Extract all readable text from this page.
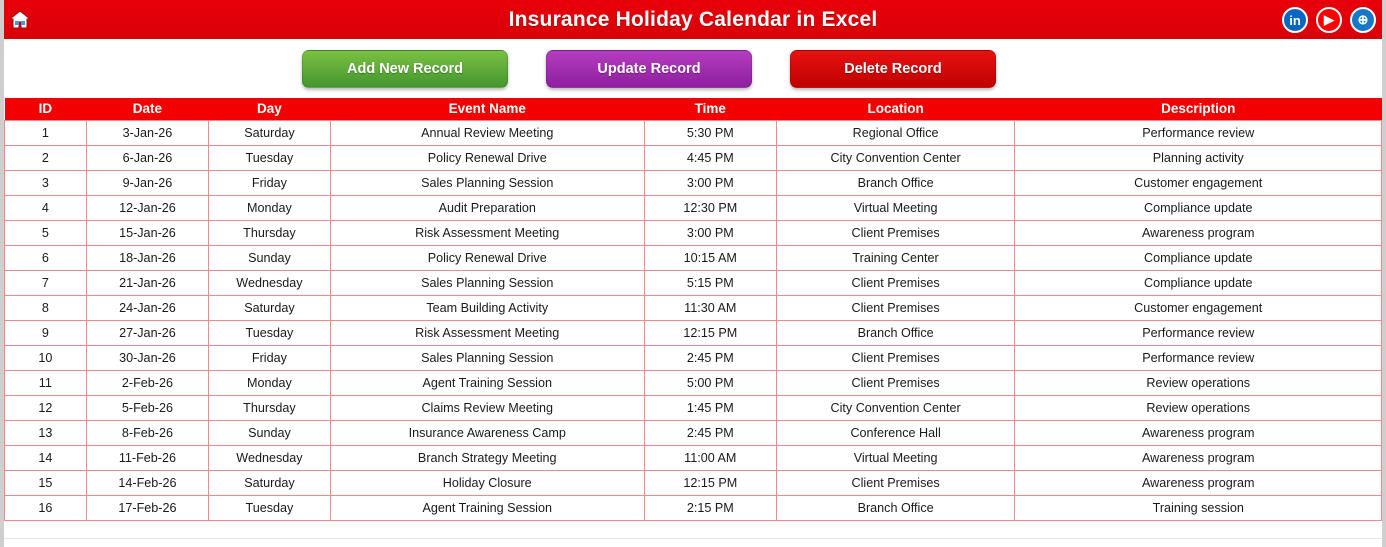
Insurance Holiday Calendar in Excel	in ▶ ⊕
Add New Record	Update Record	Delete Record
ID	Date	Day	Event Name	Time	Location	Description
1	3-Jan-26	Saturday	Annual Review Meeting	5:30 PM	Regional Office	Performance review
2	6-Jan-26	Tuesday	Policy Renewal Drive	4:45 PM	City Convention Center	Planning activity
3	9-Jan-26	Friday	Sales Planning Session	3:00 PM	Branch Office	Customer engagement
4	12-Jan-26	Monday	Audit Preparation	12:30 PM	Virtual Meeting	Compliance update
5	15-Jan-26	Thursday	Risk Assessment Meeting	3:00 PM	Client Premises	Awareness program
6	18-Jan-26	Sunday	Policy Renewal Drive	10:15 AM	Training Center	Compliance update
7	21-Jan-26	Wednesday	Sales Planning Session	5:15 PM	Client Premises	Compliance update
8	24-Jan-26	Saturday	Team Building Activity	11:30 AM	Client Premises	Customer engagement
9	27-Jan-26	Tuesday	Risk Assessment Meeting	12:15 PM	Branch Office	Performance review
10	30-Jan-26	Friday	Sales Planning Session	2:45 PM	Client Premises	Performance review
11	2-Feb-26	Monday	Agent Training Session	5:00 PM	Client Premises	Review operations
12	5-Feb-26	Thursday	Claims Review Meeting	1:45 PM	City Convention Center	Review operations
13	8-Feb-26	Sunday	Insurance Awareness Camp	2:45 PM	Conference Hall	Awareness program
14	11-Feb-26	Wednesday	Branch Strategy Meeting	11:00 AM	Virtual Meeting	Awareness program
15	14-Feb-26	Saturday	Holiday Closure	12:15 PM	Client Premises	Awareness program
16	17-Feb-26	Tuesday	Agent Training Session	2:15 PM	Branch Office	Training session
